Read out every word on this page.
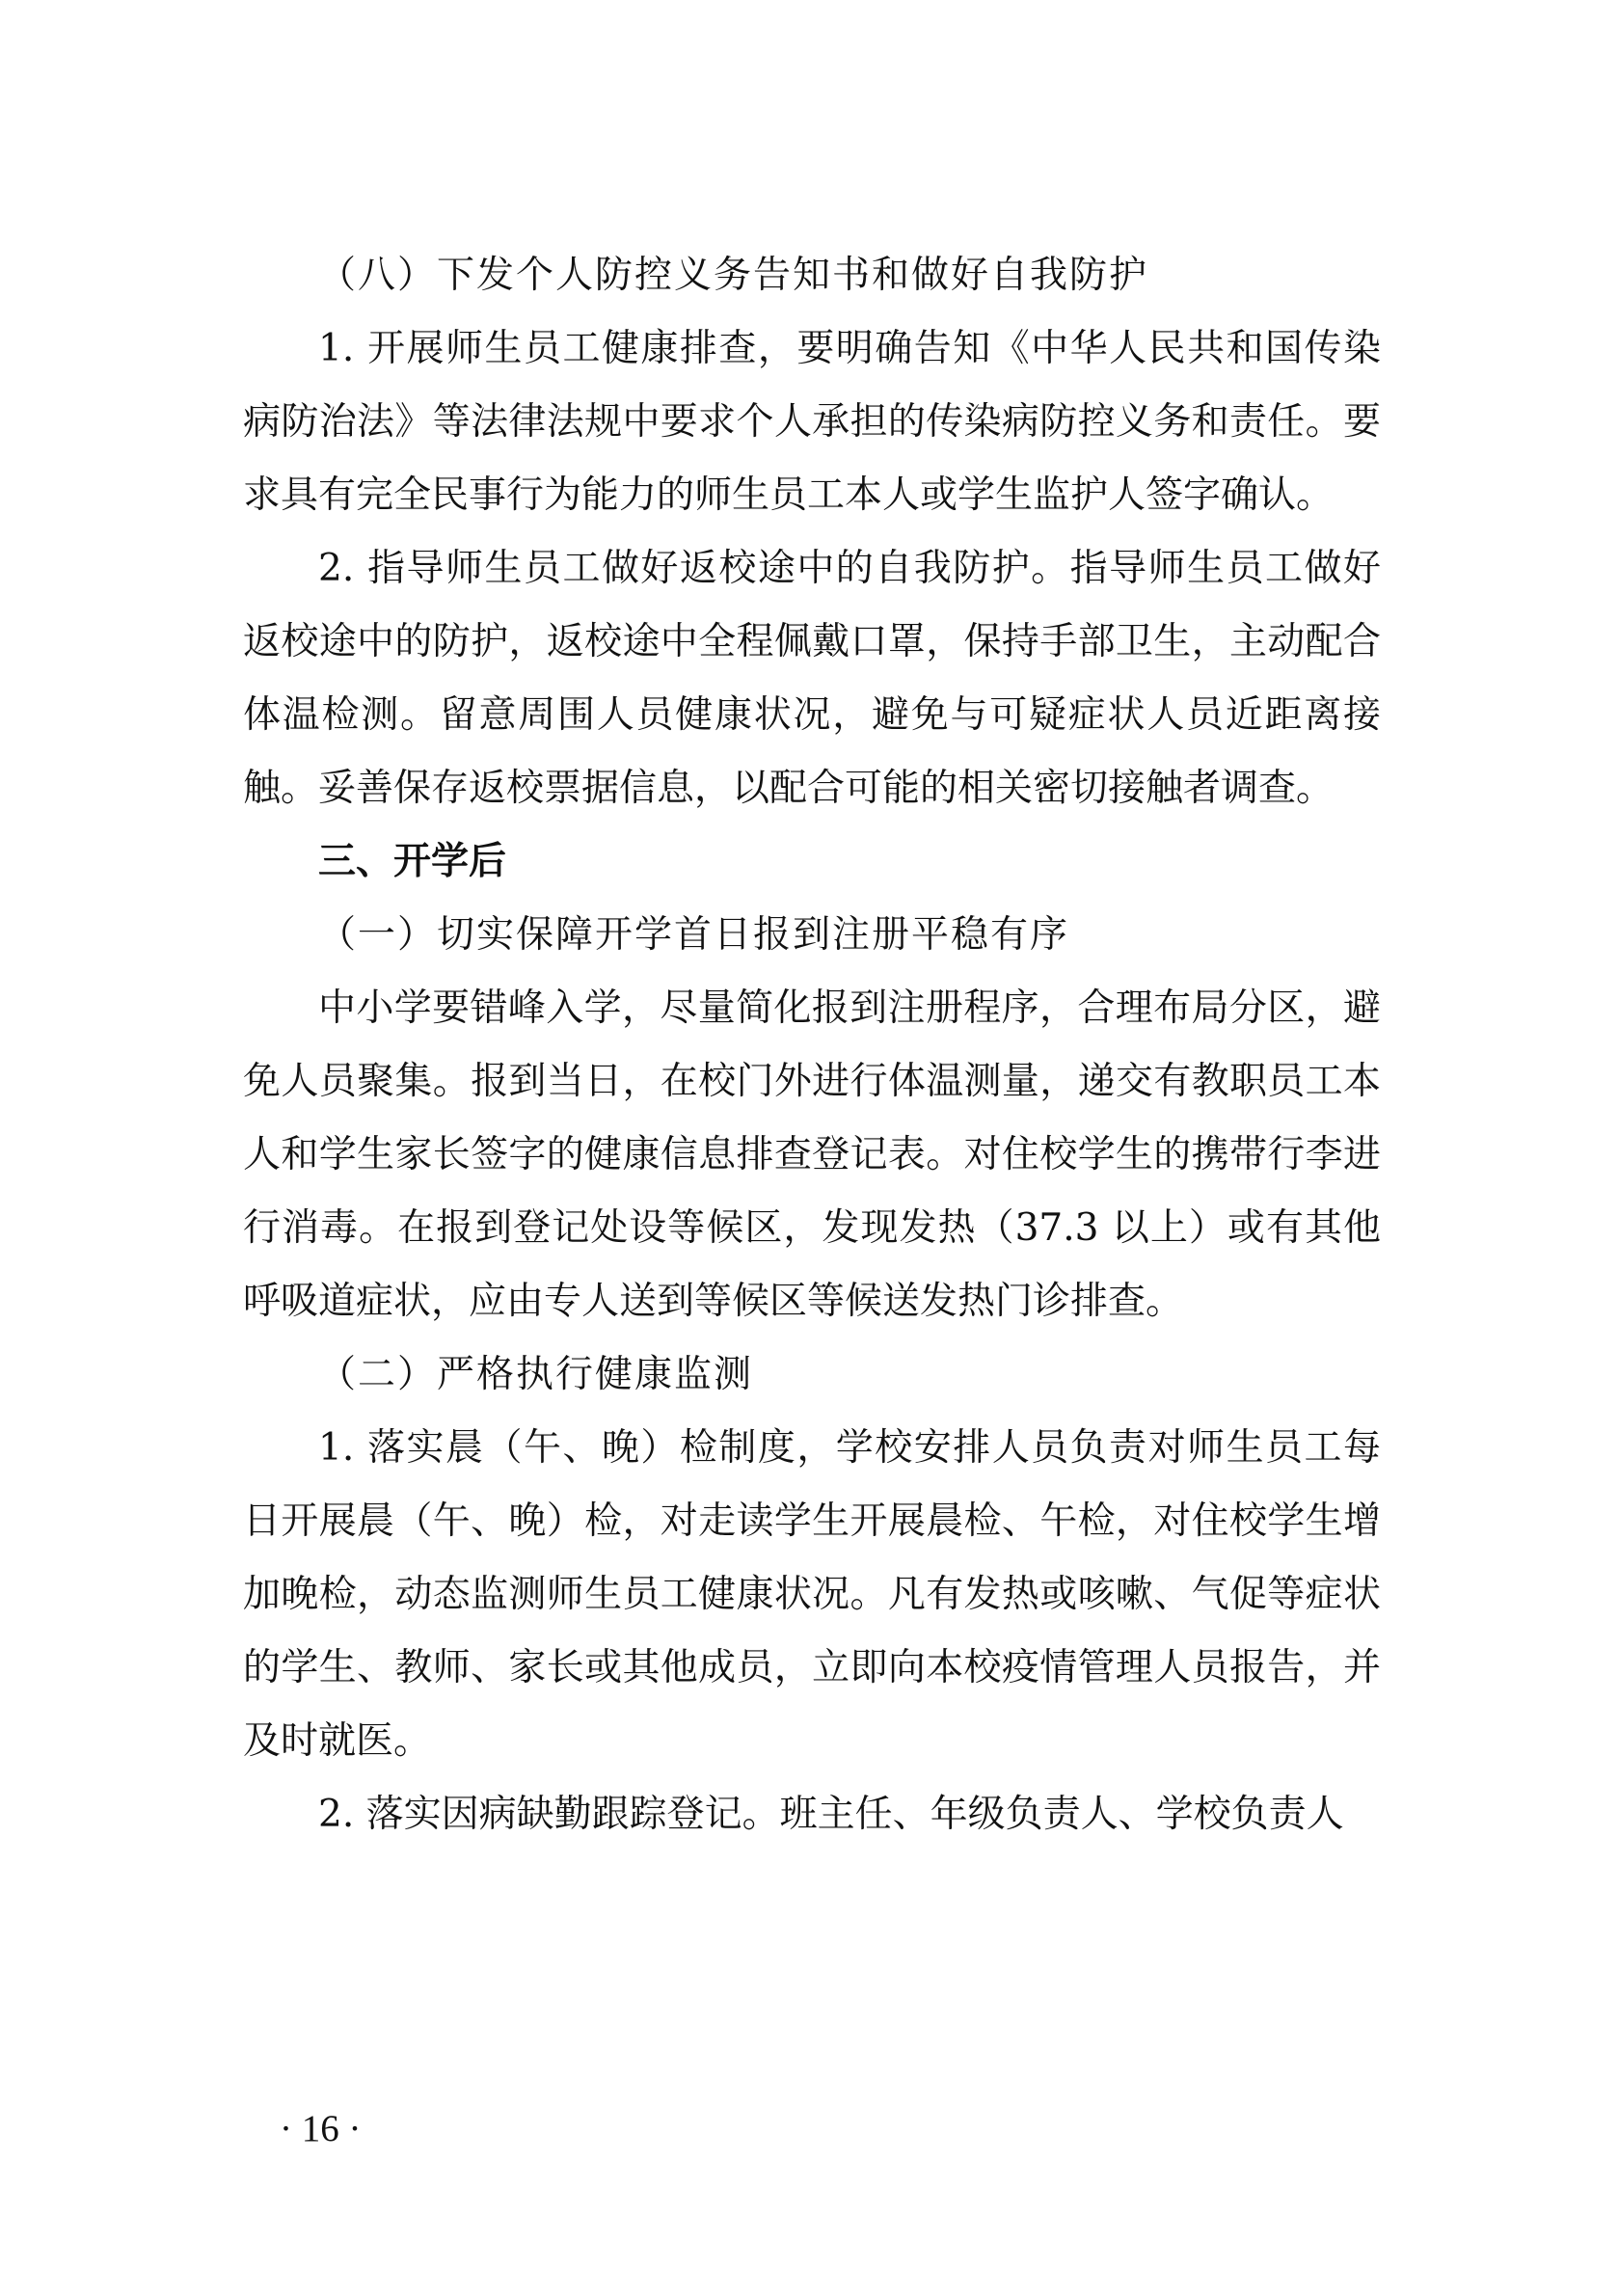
（八）下发个人防控义务告知书和做好自我防护

1. 开展师生员工健康排查，要明确告知《中华人民共和国传染病防治法》等法律法规中要求个人承担的传染病防控义务和责任。要求具有完全民事行为能力的师生员工本人或学生监护人签字确认。

2. 指导师生员工做好返校途中的自我防护。指导师生员工做好返校途中的防护，返校途中全程佩戴口罩，保持手部卫生，主动配合体温检测。留意周围人员健康状况，避免与可疑症状人员近距离接触。妥善保存返校票据信息，以配合可能的相关密切接触者调查。

三、开学后

（一）切实保障开学首日报到注册平稳有序

中小学要错峰入学，尽量简化报到注册程序，合理布局分区，避免人员聚集。报到当日，在校门外进行体温测量，递交有教职员工本人和学生家长签字的健康信息排查登记表。对住校学生的携带行李进行消毒。在报到登记处设等候区，发现发热（37.3 以上）或有其他呼吸道症状，应由专人送到等候区等候送发热门诊排查。

（二）严格执行健康监测

1. 落实晨（午、晚）检制度，学校安排人员负责对师生员工每日开展晨（午、晚）检，对走读学生开展晨检、午检，对住校学生增加晚检，动态监测师生员工健康状况。凡有发热或咳嗽、气促等症状的学生、教师、家长或其他成员，立即向本校疫情管理人员报告，并及时就医。

2. 落实因病缺勤跟踪登记。班主任、年级负责人、学校负责人

· 16 ·
